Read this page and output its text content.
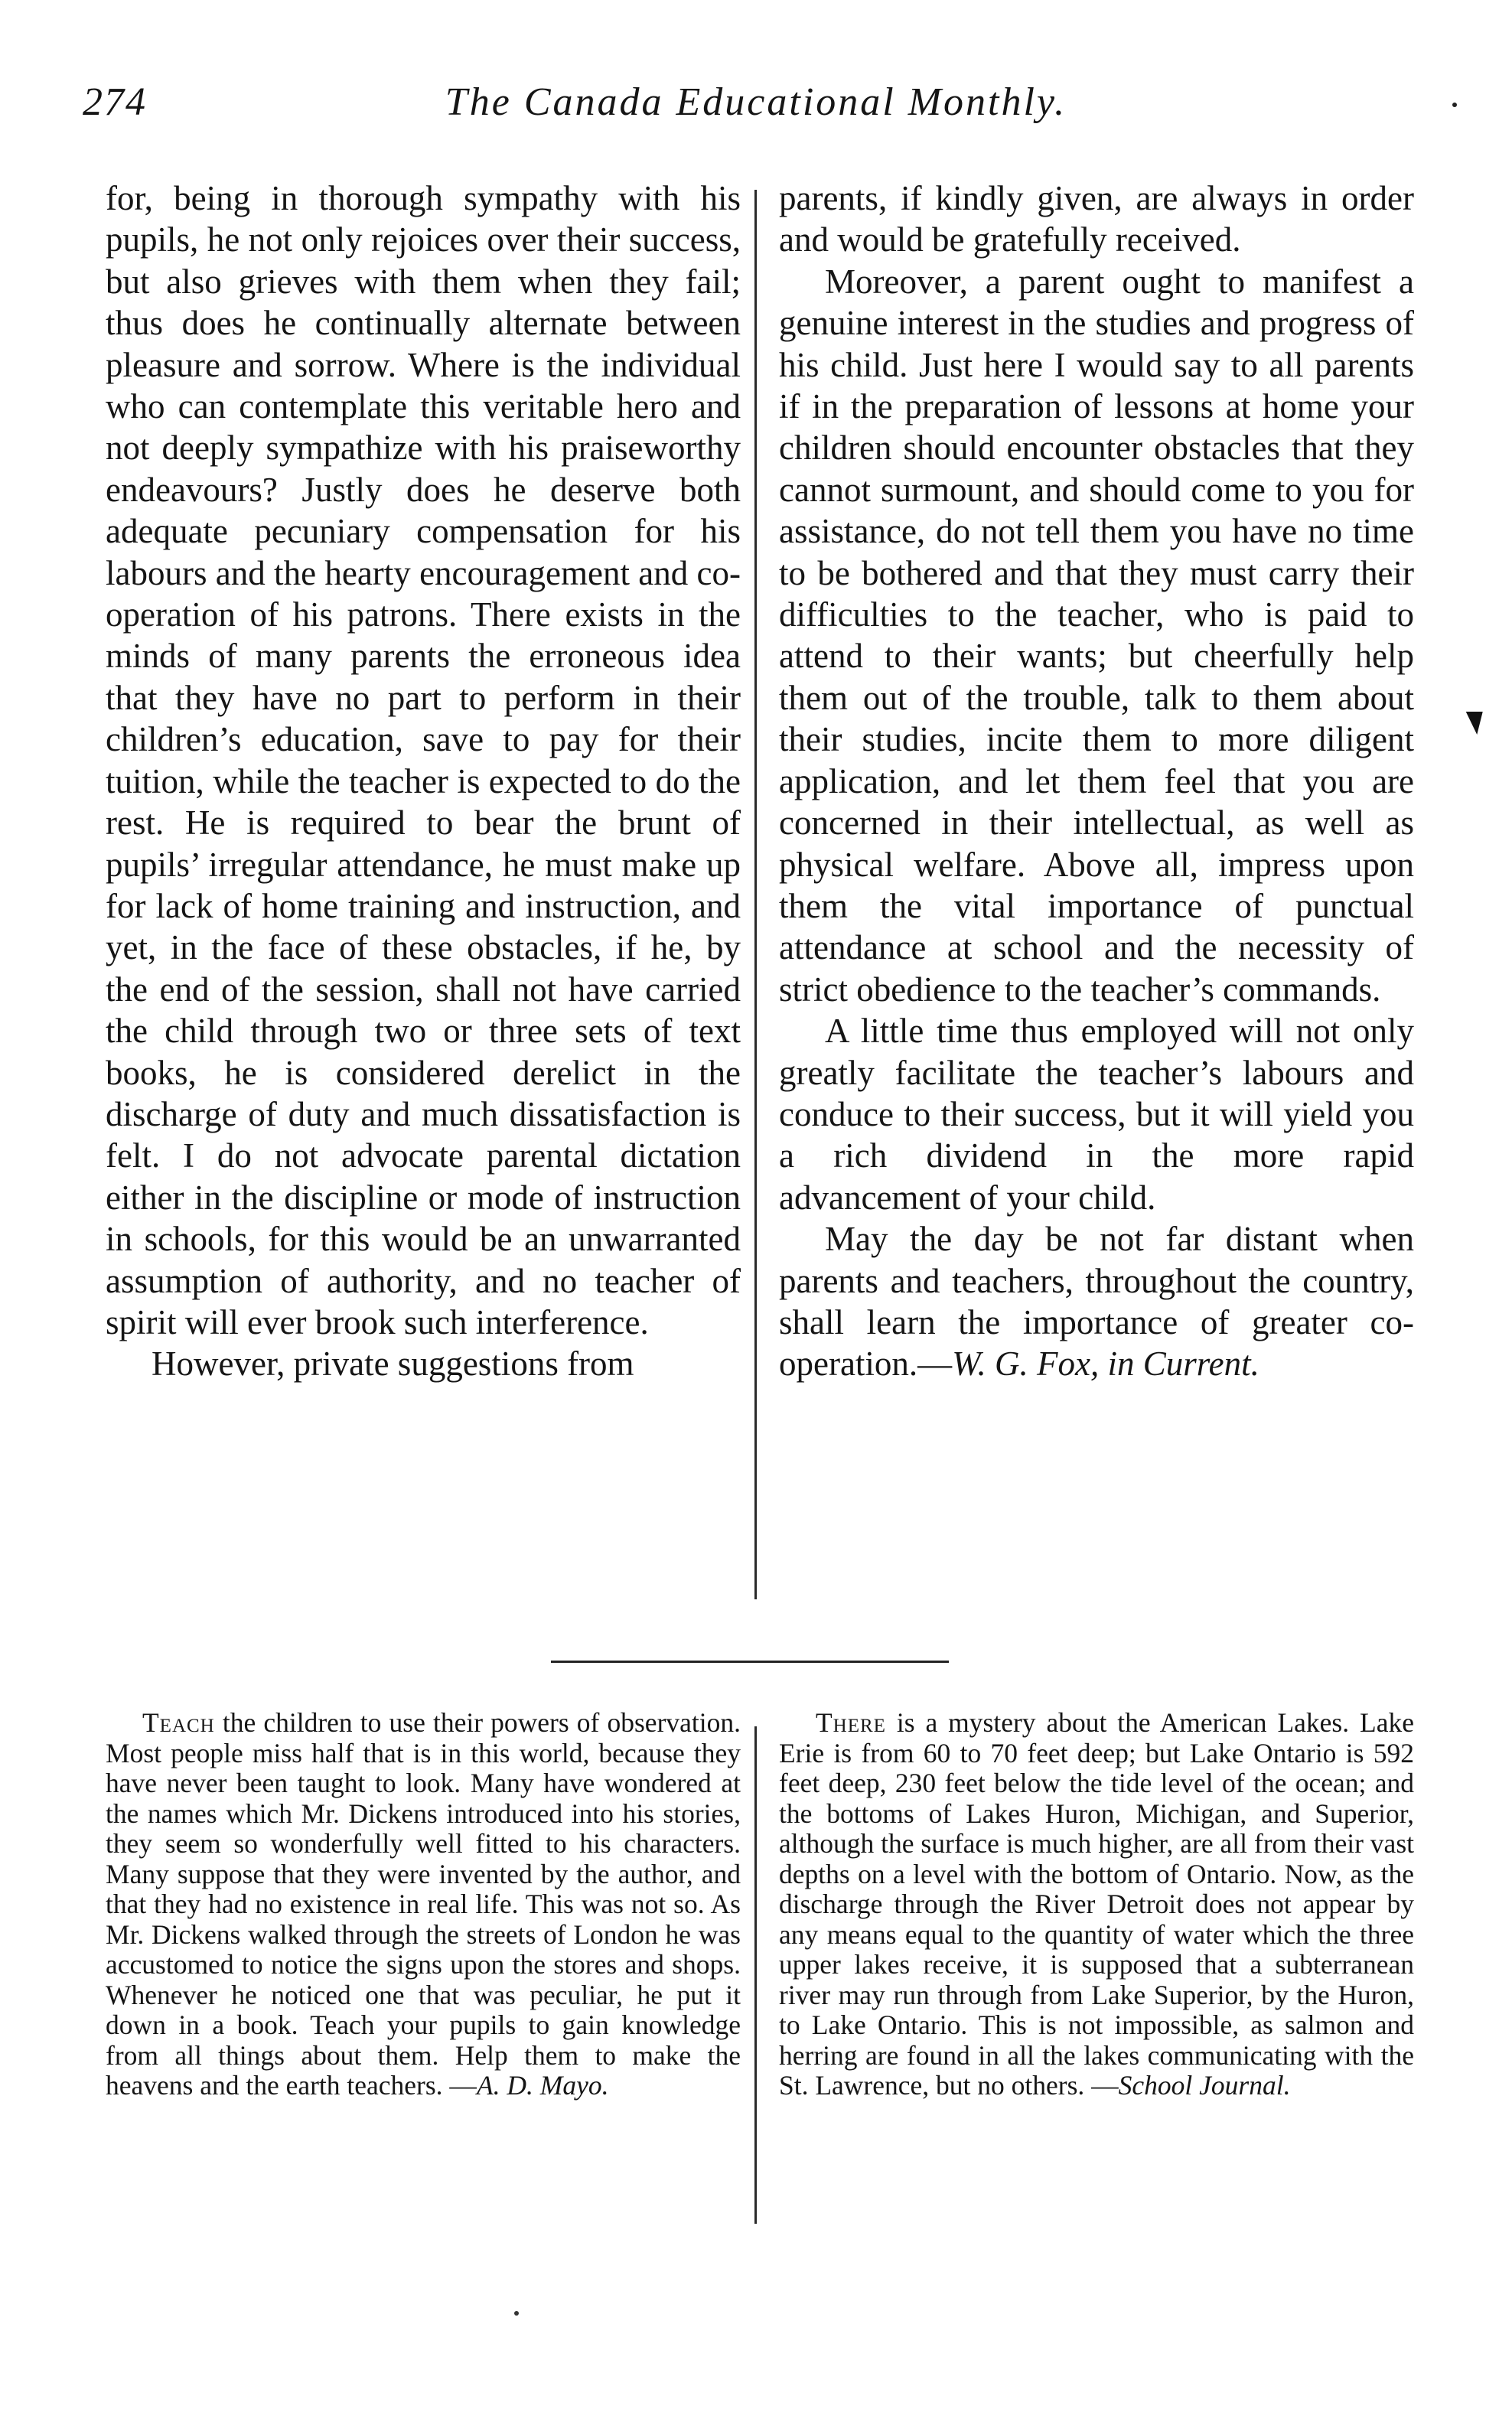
274	The Canada Educational Monthly.

for, being in thorough sympathy with his pupils, he not only rejoices over their success, but also grieves with them when they fail; thus does he continually alternate between pleasure and sorrow. Where is the individual who can contemplate this veritable hero and not deeply sympathize with his praiseworthy endeavours? Justly does he deserve both adequate pecuniary compensation for his labours and the hearty encouragement and co-operation of his patrons. There exists in the minds of many parents the erroneous idea that they have no part to perform in their children’s education, save to pay for their tuition, while the teacher is expected to do the rest. He is required to bear the brunt of pupils’ irregular attendance, he must make up for lack of home training and instruction, and yet, in the face of these obstacles, if he, by the end of the session, shall not have carried the child through two or three sets of text books, he is considered derelict in the discharge of duty and much dissatisfaction is felt. I do not advocate parental dictation either in the discipline or mode of instruction in schools, for this would be an unwarranted assumption of authority, and no teacher of spirit will ever brook such interference.

However, private suggestions from

parents, if kindly given, are always in order and would be gratefully received.

Moreover, a parent ought to manifest a genuine interest in the studies and progress of his child. Just here I would say to all parents if in the preparation of lessons at home your children should encounter obstacles that they cannot surmount, and should come to you for assistance, do not tell them you have no time to be bothered and that they must carry their difficulties to the teacher, who is paid to attend to their wants; but cheerfully help them out of the trouble, talk to them about their studies, incite them to more diligent application, and let them feel that you are concerned in their intellectual, as well as physical welfare. Above all, impress upon them the vital importance of punctual attendance at school and the necessity of strict obedience to the teacher’s commands.

A little time thus employed will not only greatly facilitate the teacher’s labours and conduce to their success, but it will yield you a rich dividend in the more rapid advancement of your child.

May the day be not far distant when parents and teachers, throughout the country, shall learn the importance of greater co-operation.—W. G. Fox, in Current.

Teach the children to use their powers of observation. Most people miss half that is in this world, because they have never been taught to look. Many have wondered at the names which Mr. Dickens introduced into his stories, they seem so wonderfully well fitted to his characters. Many suppose that they were invented by the author, and that they had no existence in real life. This was not so. As Mr. Dickens walked through the streets of London he was accustomed to notice the signs upon the stores and shops. Whenever he noticed one that was peculiar, he put it down in a book. Teach your pupils to gain knowledge from all things about them. Help them to make the heavens and the earth teachers. —A. D. Mayo.

There is a mystery about the American Lakes. Lake Erie is from 60 to 70 feet deep; but Lake Ontario is 592 feet deep, 230 feet below the tide level of the ocean; and the bottoms of Lakes Huron, Michigan, and Superior, although the surface is much higher, are all from their vast depths on a level with the bottom of Ontario. Now, as the discharge through the River Detroit does not appear by any means equal to the quantity of water which the three upper lakes receive, it is supposed that a subterranean river may run through from Lake Superior, by the Huron, to Lake Ontario. This is not impossible, as salmon and herring are found in all the lakes communicating with the St. Lawrence, but no others. —School Journal.
